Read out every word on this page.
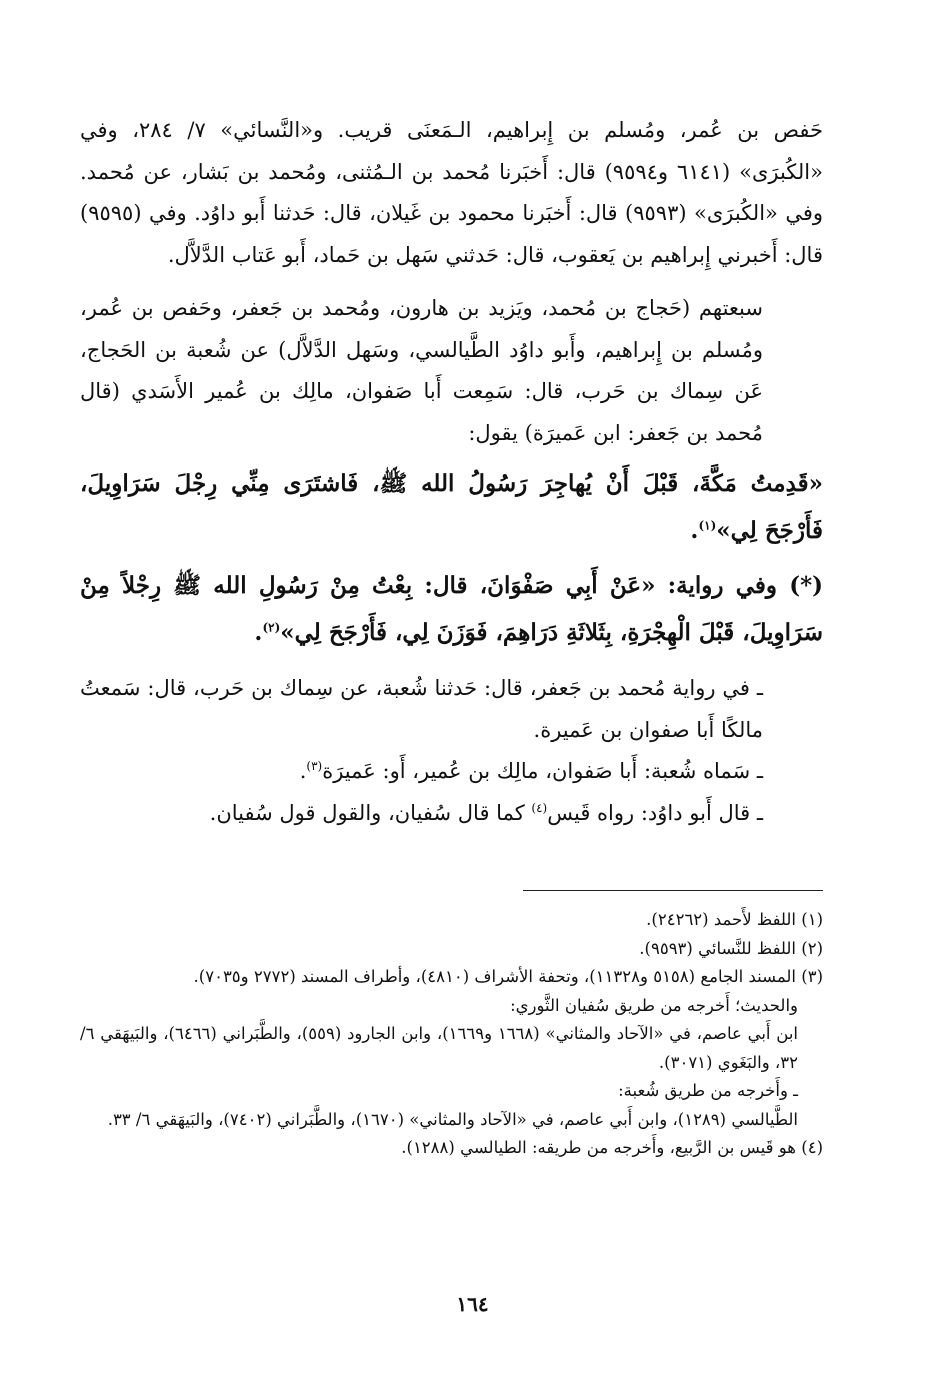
حَفص بن عُمر، ومُسلم بن إِبراهيم، الـمَعنَى قريب. و«النَّسائي» ٧/ ٢٨٤، وفي «الكُبرَى» (٦١٤١ و٩٥٩٤) قال: أَخبَرنا مُحمد بن الـمُثنى، ومُحمد بن بَشار، عن مُحمد. وفي «الكُبرَى» (٩٥٩٣) قال: أَخبَرنا محمود بن غَيلان، قال: حَدثنا أَبو داوُد. وفي (٩٥٩٥) قال: أَخبرني إِبراهيم بن يَعقوب، قال: حَدثني سَهل بن حَماد، أَبو عَتاب الدَّلاَّل.

سبعتهم (حَجاج بن مُحمد، ويَزيد بن هارون، ومُحمد بن جَعفر، وحَفص بن عُمر، ومُسلم بن إِبراهيم، وأَبو داوُد الطَّيالسي، وسَهل الدَّلاَّل) عن شُعبة بن الحَجاج، عَن سِماك بن حَرب، قال: سَمِعت أَبا صَفوان، مالِك بن عُمير الأَسَدي (قال مُحمد بن جَعفر: ابن عَميرَة) يقول:

«قَدِمتُ مَكَّةَ، قَبْلَ أَنْ يُهاجِرَ رَسُولُ الله ﷺ، فَاشتَرَى مِنِّي رِجْلَ سَرَاوِيلَ، فَأَرْجَحَ لِي»$^{(١)}$.

(*) وفي رواية: «عَنْ أَبِي صَفْوَانَ، قال: بِعْتُ مِنْ رَسُولِ الله ﷺ رِجْلاً مِنْ سَرَاوِيلَ، قَبْلَ الْهِجْرَةِ، بِثَلاثَةِ دَرَاهِمَ، فَوَزَنَ لِي، فَأَرْجَحَ لِي»$^{(٢)}$.

ـ في رواية مُحمد بن جَعفر، قال: حَدثنا شُعبة، عن سِماك بن حَرب، قال: سَمعتُ مالكًا أَبا صفوان بن عَميرة.

ـ سَماه شُعبة: أَبا صَفوان، مالِك بن عُمير، أَو: عَميرَة$^{(٣)}$.

ـ قال أَبو داوُد: رواه قَيس$^{(٤)}$ كما قال سُفيان، والقول قول سُفيان.

(١) اللفظ لأَحمد (٢٤٢٦٢).

(٢) اللفظ للنَّسائي (٩٥٩٣).

(٣) المسند الجامع (٥١٥٨ و١١٣٢٨)، وتحفة الأشراف (٤٨١٠)، وأطراف المسند (٢٧٧٢ و٧٠٣٥).

والحديث؛ أَخرجه من طريق سُفيان الثَّوري:

ابن أَبي عاصم، في «الآحاد والمثاني» (١٦٦٨ و١٦٦٩)، وابن الجارود (٥٥٩)، والطَّبَراني (٦٤٦٦)، والبَيهَقي ٦/ ٣٢، والبَغَوي (٣٠٧١).

ـ وأَخرجه من طريق شُعبة:

الطَّيالسي (١٢٨٩)، وابن أَبي عاصم، في «الآحاد والمثاني» (١٦٧٠)، والطَّبَراني (٧٤٠٢)، والبَيهَقي ٦/ ٣٣.

(٤) هو قَيس بن الرَّبيع، وأَخرجه من طريقه: الطيالسي (١٢٨٨).

١٦٤
